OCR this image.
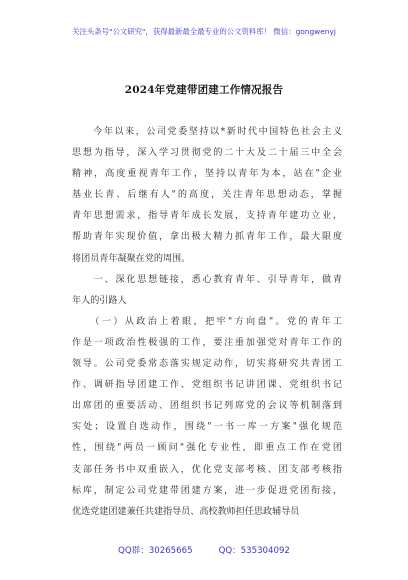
关注头条号"公文研究"，获得最新最全最专业的公文资料库！ 微信：gongwenyj
2024年党建带团建工作情况报告
　　今年以来，公司党委坚持以*新时代中国特色社会主义
思想为指导，深入学习贯彻党的二十大及二十届三中全会
精神，高度重视青年工作，坚持以青年为本，站在"企业
基业长青、后继有人"的高度，关注青年思想动态，掌握
青年思想需求，指导青年成长发展，支持青年建功立业，
帮助青年实现价值，拿出极大精力抓青年工作，最大限度
将团员青年凝聚在党的周围。
　　一、深化思想链接，悉心教育青年、引导青年，做青
年人的引路人
　　（一）从政治上着眼，把牢"方向盘"。党的青年工
作是一项政治性极强的工作，要注重加强党对青年工作的
领导。公司党委常态落实规定动作，切实将研究共青团工
作、调研指导团建工作、党组织书记讲团课、党组织书记
出席团的重要活动、团组织书记列席党的会议等机制落到
实处；设置自选动作，围绕"一书一库一方案"强化规范
性，围绕"两员一顾问"强化专业性，即重点工作在党团
支部任务书中双重嵌入，优化党支部考核、团支部考核指
标库，制定公司党建带团建方案，进一步促进党团衔接，
优选党建团建兼任共建指导员、高校教师担任思政辅导员
QQ群：30265665	QQ：535304092
